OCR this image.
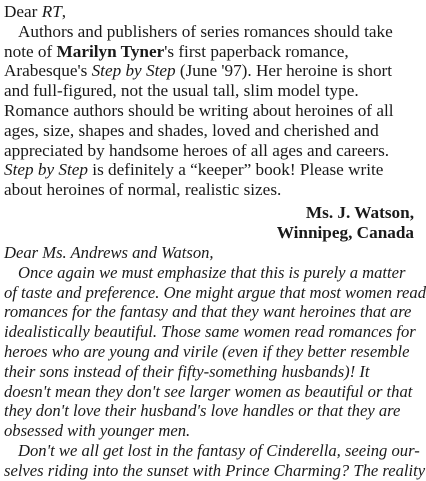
Dear RT,
Authors and publishers of series romances should take
note of Marilyn Tyner's first paperback romance,
Arabesque's Step by Step (June '97). Her heroine is short
and full-figured, not the usual tall, slim model type.
Romance authors should be writing about heroines of all
ages, size, shapes and shades, loved and cherished and
appreciated by handsome heroes of all ages and careers.
Step by Step is definitely a “keeper” book! Please write
about heroines of normal, realistic sizes.
Ms. J. Watson,
Winnipeg, Canada
Dear Ms. Andrews and Watson,
Once again we must emphasize that this is purely a matter
of taste and preference. One might argue that most women read
romances for the fantasy and that they want heroines that are
idealistically beautiful. Those same women read romances for
heroes who are young and virile (even if they better resemble
their sons instead of their fifty-something husbands)! It
doesn't mean they don't see larger women as beautiful or that
they don't love their husband's love handles or that they are
obsessed with younger men.
Don't we all get lost in the fantasy of Cinderella, seeing our-
selves riding into the sunset with Prince Charming? The reality
